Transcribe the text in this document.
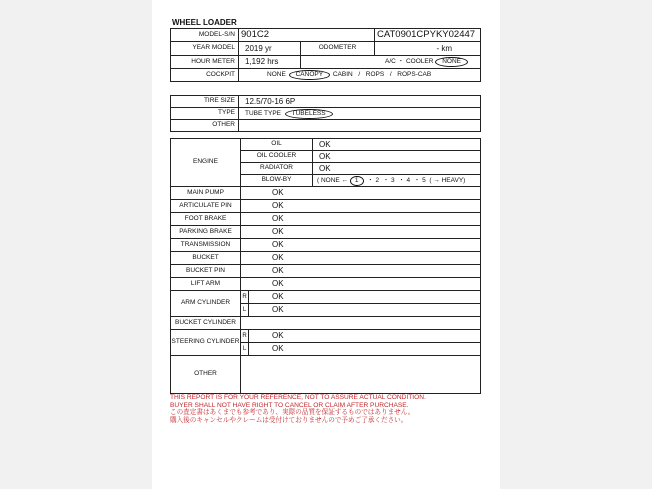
WHEEL LOADER
MODEL-S/N	901C2		CAT0901CPYKY02447
YEAR MODEL	2019 yr	ODOMETER	- km
HOUR METER	1,192 hrs	A/C ・ COOLER NONE	
COCKPIT	NONE CANOPY CABIN / ROPS / ROPS-CAB		
TIRE SIZE	12.5/70-16 6P
TYPE	TUBE TYPE TUBELESS
OTHER	
ENGINE	OIL		OK
	OIL COOLER		OK
	RADIATOR		OK
	BLOW-BY		( NONE ← 1 ・ 2 ・ 3 ・ 4 ・ 5 ( → HEAVY)
MAIN PUMP	OK		
ARTICULATE PIN	OK		
FOOT BRAKE	OK		
PARKING BRAKE	OK		
TRANSMISSION	OK		
BUCKET	OK		
BUCKET PIN	OK		
LIFT ARM	OK		
ARM CYLINDER	R	OK	
	L	OK	
BUCKET CYLINDER			
STEERING CYLINDER	R	OK	
	L	OK	
OTHER			
THIS REPORT IS FOR YOUR REFERENCE, NOT TO ASSURE ACTUAL CONDITION.
BUYER SHALL NOT HAVE RIGHT TO CANCEL OR CLAIM AFTER PURCHASE.
この査定書はあくまでも参考であり、実際の品質を保証するものではありません。
購入後のキャンセルやクレームは受付けておりませんので予めご了承ください。
